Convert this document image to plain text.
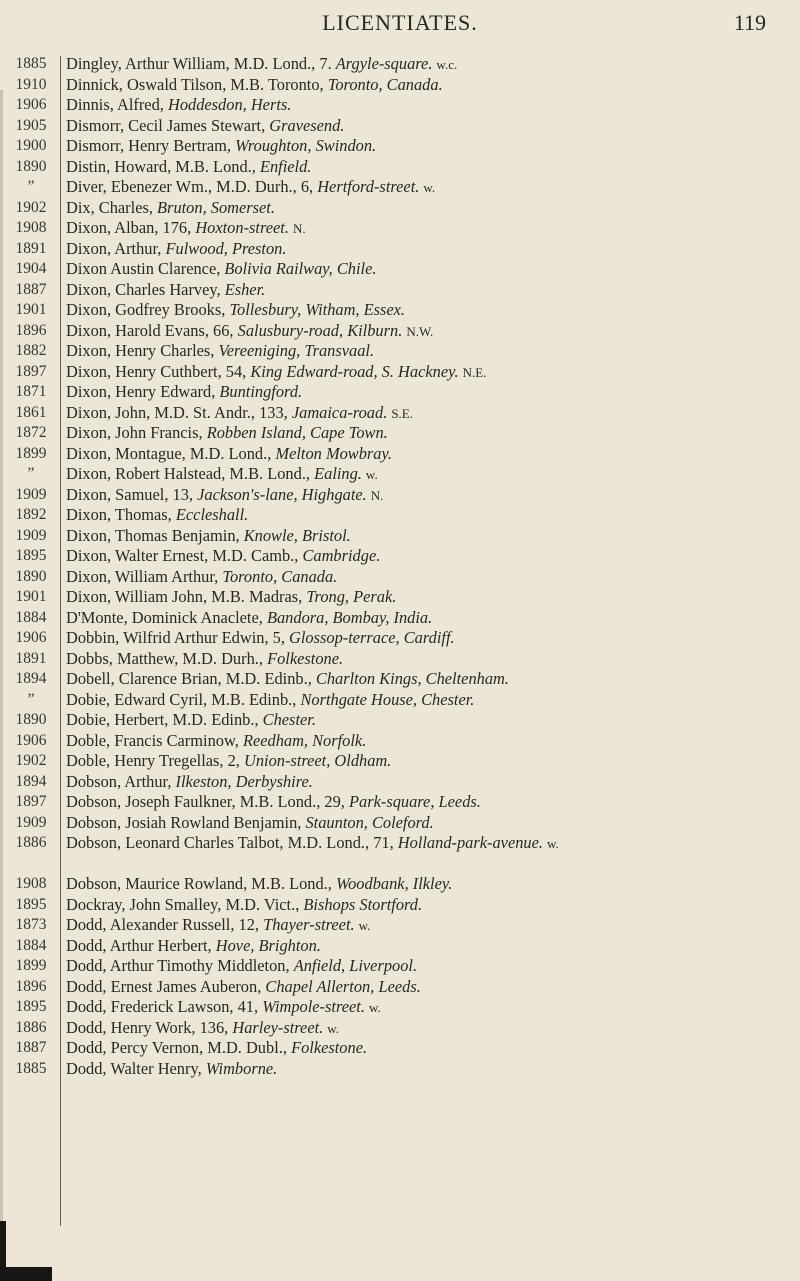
LICENTIATES.	119
1885	Dingley, Arthur William, M.D. Lond., 7. Argyle-square. w.c.
1910	Dinnick, Oswald Tilson, M.B. Toronto, Toronto, Canada.
1906	Dinnis, Alfred, Hoddesdon, Herts.
1905	Dismorr, Cecil James Stewart, Gravesend.
1900	Dismorr, Henry Bertram, Wroughton, Swindon.
1890	Distin, Howard, M.B. Lond., Enfield.
”	Diver, Ebenezer Wm., M.D. Durh., 6, Hertford-street. w.
1902	Dix, Charles, Bruton, Somerset.
1908	Dixon, Alban, 176, Hoxton-street. N.
1891	Dixon, Arthur, Fulwood, Preston.
1904	Dixon Austin Clarence, Bolivia Railway, Chile.
1887	Dixon, Charles Harvey, Esher.
1901	Dixon, Godfrey Brooks, Tollesbury, Witham, Essex.
1896	Dixon, Harold Evans, 66, Salusbury-road, Kilburn. N.W.
1882	Dixon, Henry Charles, Vereeniging, Transvaal.
1897	Dixon, Henry Cuthbert, 54, King Edward-road, S. Hackney. N.E.
1871	Dixon, Henry Edward, Buntingford.
1861	Dixon, John, M.D. St. Andr., 133, Jamaica-road. S.E.
1872	Dixon, John Francis, Robben Island, Cape Town.
1899	Dixon, Montague, M.D. Lond., Melton Mowbray.
”	Dixon, Robert Halstead, M.B. Lond., Ealing. w.
1909	Dixon, Samuel, 13, Jackson's-lane, Highgate. N.
1892	Dixon, Thomas, Eccleshall.
1909	Dixon, Thomas Benjamin, Knowle, Bristol.
1895	Dixon, Walter Ernest, M.D. Camb., Cambridge.
1890	Dixon, William Arthur, Toronto, Canada.
1901	Dixon, William John, M.B. Madras, Trong, Perak.
1884	D'Monte, Dominick Anaclete, Bandora, Bombay, India.
1906	Dobbin, Wilfrid Arthur Edwin, 5, Glossop-terrace, Cardiff.
1891	Dobbs, Matthew, M.D. Durh., Folkestone.
1894	Dobell, Clarence Brian, M.D. Edinb., Charlton Kings, Cheltenham.
”	Dobie, Edward Cyril, M.B. Edinb., Northgate House, Chester.
1890	Dobie, Herbert, M.D. Edinb., Chester.
1906	Doble, Francis Carminow, Reedham, Norfolk.
1902	Doble, Henry Tregellas, 2, Union-street, Oldham.
1894	Dobson, Arthur, Ilkeston, Derbyshire.
1897	Dobson, Joseph Faulkner, M.B. Lond., 29, Park-square, Leeds.
1909	Dobson, Josiah Rowland Benjamin, Staunton, Coleford.
1886	Dobson, Leonard Charles Talbot, M.D. Lond., 71, Holland-park-avenue. w.
1908	Dobson, Maurice Rowland, M.B. Lond., Woodbank, Ilkley.
1895	Dockray, John Smalley, M.D. Vict., Bishops Stortford.
1873	Dodd, Alexander Russell, 12, Thayer-street. w.
1884	Dodd, Arthur Herbert, Hove, Brighton.
1899	Dodd, Arthur Timothy Middleton, Anfield, Liverpool.
1896	Dodd, Ernest James Auberon, Chapel Allerton, Leeds.
1895	Dodd, Frederick Lawson, 41, Wimpole-street. w.
1886	Dodd, Henry Work, 136, Harley-street. w.
1887	Dodd, Percy Vernon, M.D. Dubl., Folkestone.
1885	Dodd, Walter Henry, Wimborne.
